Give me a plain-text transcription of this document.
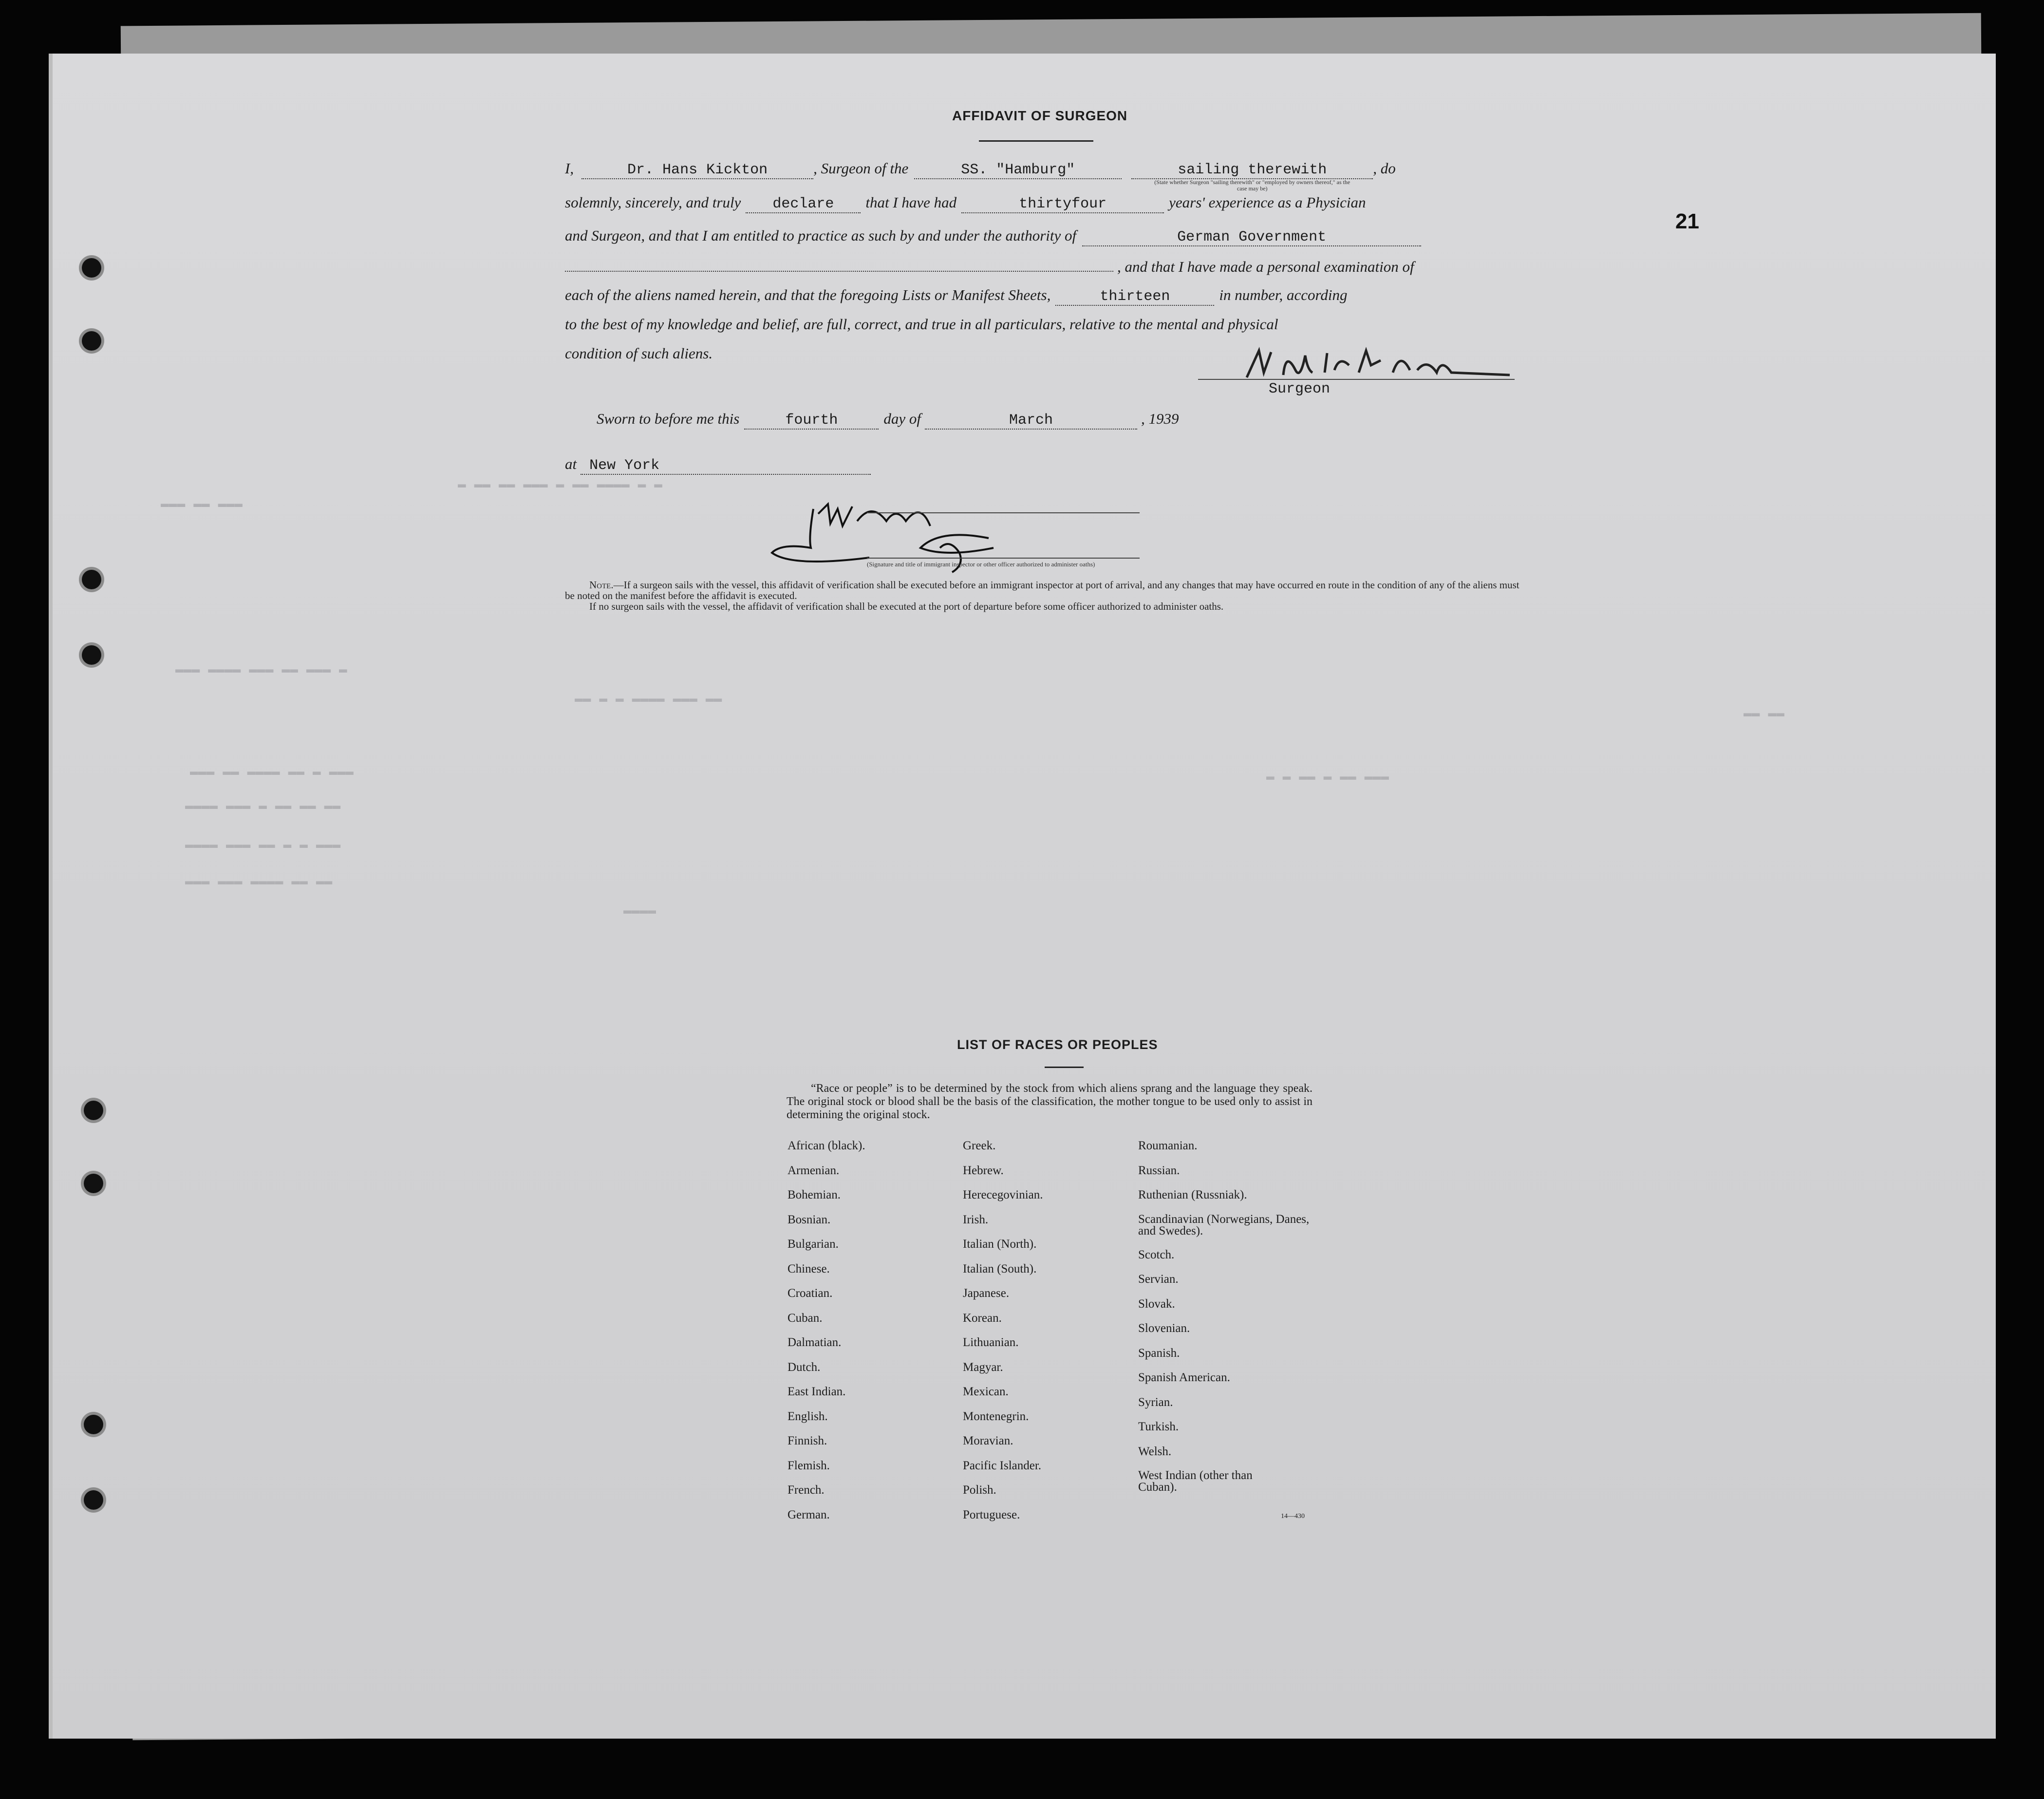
21
▬▬▬ ▬▬ ▬▬▬
▬ ▬▬ ▬▬ ▬▬▬ ▬ ▬▬ ▬▬▬▬ ▬ ▬
▬▬▬ ▬▬▬▬ ▬▬▬ ▬▬ ▬▬▬ ▬
▬▬ ▬ ▬ ▬▬▬▬ ▬▬▬ ▬▬
▬▬▬ ▬▬ ▬▬▬▬ ▬▬ ▬ ▬▬▬
▬▬▬▬ ▬▬▬ ▬ ▬▬ ▬▬ ▬▬
▬▬▬▬ ▬▬▬ ▬▬ ▬ ▬ ▬▬▬
▬▬▬ ▬▬▬ ▬▬▬▬ ▬▬ ▬▬
▬▬▬▬
▬ ▬ ▬▬ ▬ ▬▬ ▬▬▬
▬▬ ▬▬
AFFIDAVIT OF SURGEON
I,	Dr. Hans Kickton	, Surgeon of the	SS. "Hamburg"	sailing therewith
(State whether Surgeon "sailing therewith" or "employed by owners thereof," as the case may be)
, do
solemnly, sincerely, and truly	declare	that I have had	thirtyfour	years' experience as a Physician
and Surgeon, and that I am entitled to practice as such by and under the authority of	German Government
, and that I have made a personal examination of
each of the aliens named herein, and that the foregoing Lists or Manifest Sheets,	thirteen	in number, according
to the best of my knowledge and belief, are full, correct, and true in all particulars, relative to the mental and physical
condition of such aliens.
Surgeon
Sworn to before me this	fourth	day of	March	, 1939
at New York
(Signature and title of immigrant inspector or other officer authorized to administer oaths)
Note.—If a surgeon sails with the vessel, this affidavit of verification shall be executed before an immigrant inspector at port of arrival, and any changes that may have occurred en route in the condition of any of the aliens must be noted on the manifest before the affidavit is executed.
If no surgeon sails with the vessel, the affidavit of verification shall be executed at the port of departure before some officer authorized to administer oaths.
LIST OF RACES OR PEOPLES
“Race or people” is to be determined by the stock from which aliens sprang and the language they speak. The original stock or blood shall be the basis of the classification, the mother tongue to be used only to assist in determining the original stock.
African (black).
Armenian.
Bohemian.
Bosnian.
Bulgarian.
Chinese.
Croatian.
Cuban.
Dalmatian.
Dutch.
East Indian.
English.
Finnish.
Flemish.
French.
German.
Greek.
Hebrew.
Herecegovinian.
Irish.
Italian (North).
Italian (South).
Japanese.
Korean.
Lithuanian.
Magyar.
Mexican.
Montenegrin.
Moravian.
Pacific Islander.
Polish.
Portuguese.
Roumanian.
Russian.
Ruthenian (Russniak).
Scandinavian (Norwegians, Danes, and Swedes).
Scotch.
Servian.
Slovak.
Slovenian.
Spanish.
Spanish American.
Syrian.
Turkish.
Welsh.
West Indian (other than Cuban).
14—430
